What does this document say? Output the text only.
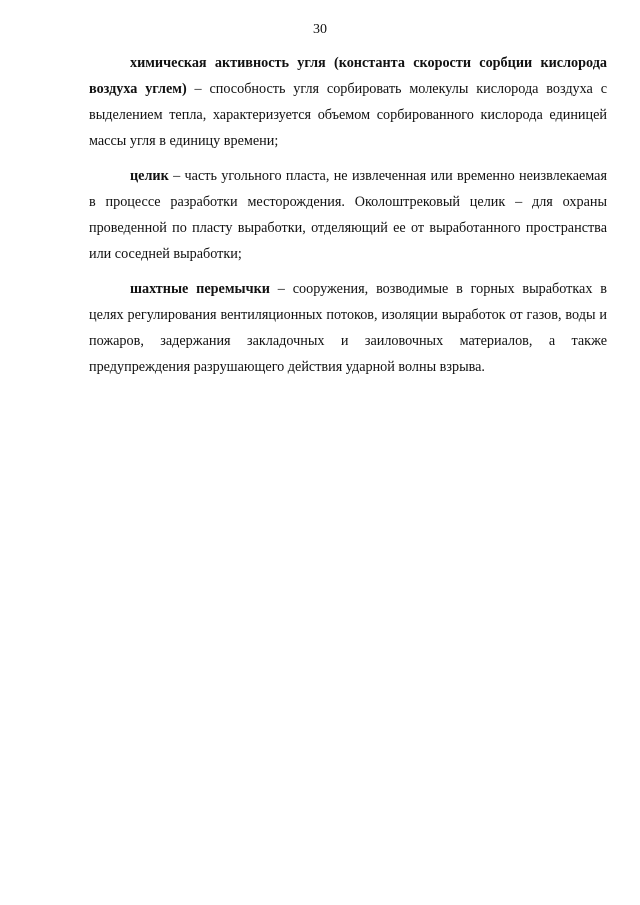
30

химическая активность угля (константа скорости сорбции кислорода воздуха углем) – способность угля сорбировать молекулы кислорода воздуха с выделением тепла, характеризуется объемом сорбированного кислорода единицей массы угля в единицу времени;

целик – часть угольного пласта, не извлеченная или временно неизвлекаемая в процессе разработки месторождения. Околоштрековый целик – для охраны проведенной по пласту выработки, отделяющий ее от выработанного пространства или соседней выработки;

шахтные перемычки – сооружения, возводимые в горных выработках в целях регулирования вентиляционных потоков, изоляции выработок от газов, воды и пожаров, задержания закладочных и заиловочных материалов, а также предупреждения разрушающего действия ударной волны взрыва.
